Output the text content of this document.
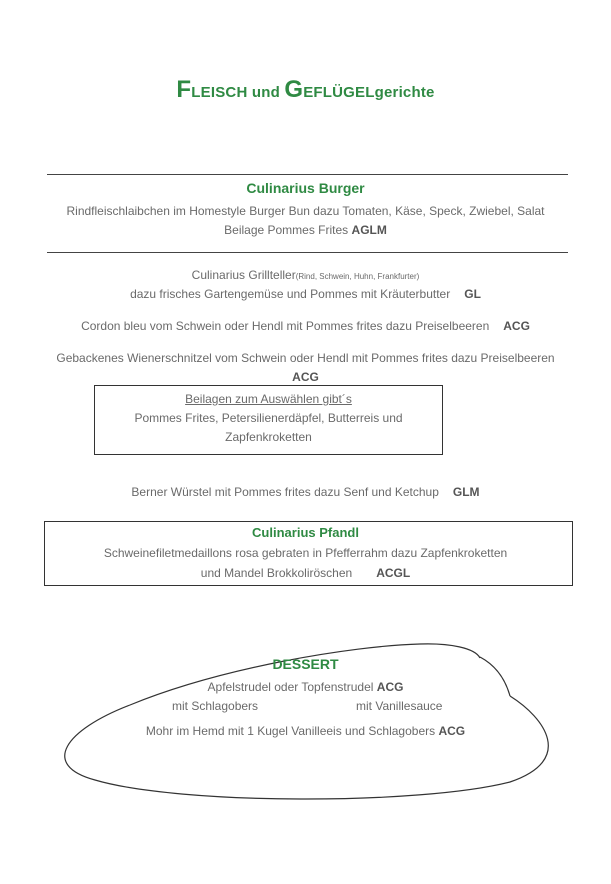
FLEISCH und GEFLÜGELgerichte
Culinarius Burger
Rindfleischlaibchen im Homestyle Burger Bun dazu Tomaten, Käse, Speck, Zwiebel, Salat
Beilage Pommes Frites AGLM
Culinarius Grillteller(Rind, Schwein, Huhn, Frankfurter)
dazu frisches Gartengemüse und Pommes mit Kräuterbutter GL
Cordon bleu vom Schwein oder Hendl mit Pommes frites dazu Preiselbeeren ACG
Gebackenes Wienerschnitzel vom Schwein oder Hendl mit Pommes frites dazu Preiselbeeren
ACG
Beilagen zum Auswählen gibt´s
Pommes Frites, Petersilienerdäpfel, Butterreis und
Zapfenkroketten
Berner Würstel mit Pommes frites dazu Senf und Ketchup GLM
Culinarius Pfandl
Schweinefiletmedaillons rosa gebraten in Pfefferrahm dazu Zapfenkroketten
und Mandel Brokkoliröschen ACGL
DESSERT
Apfelstrudel oder Topfenstrudel ACG
mit Schlagobers	mit Vanillesauce
Mohr im Hemd mit 1 Kugel Vanilleeis und Schlagobers ACG
